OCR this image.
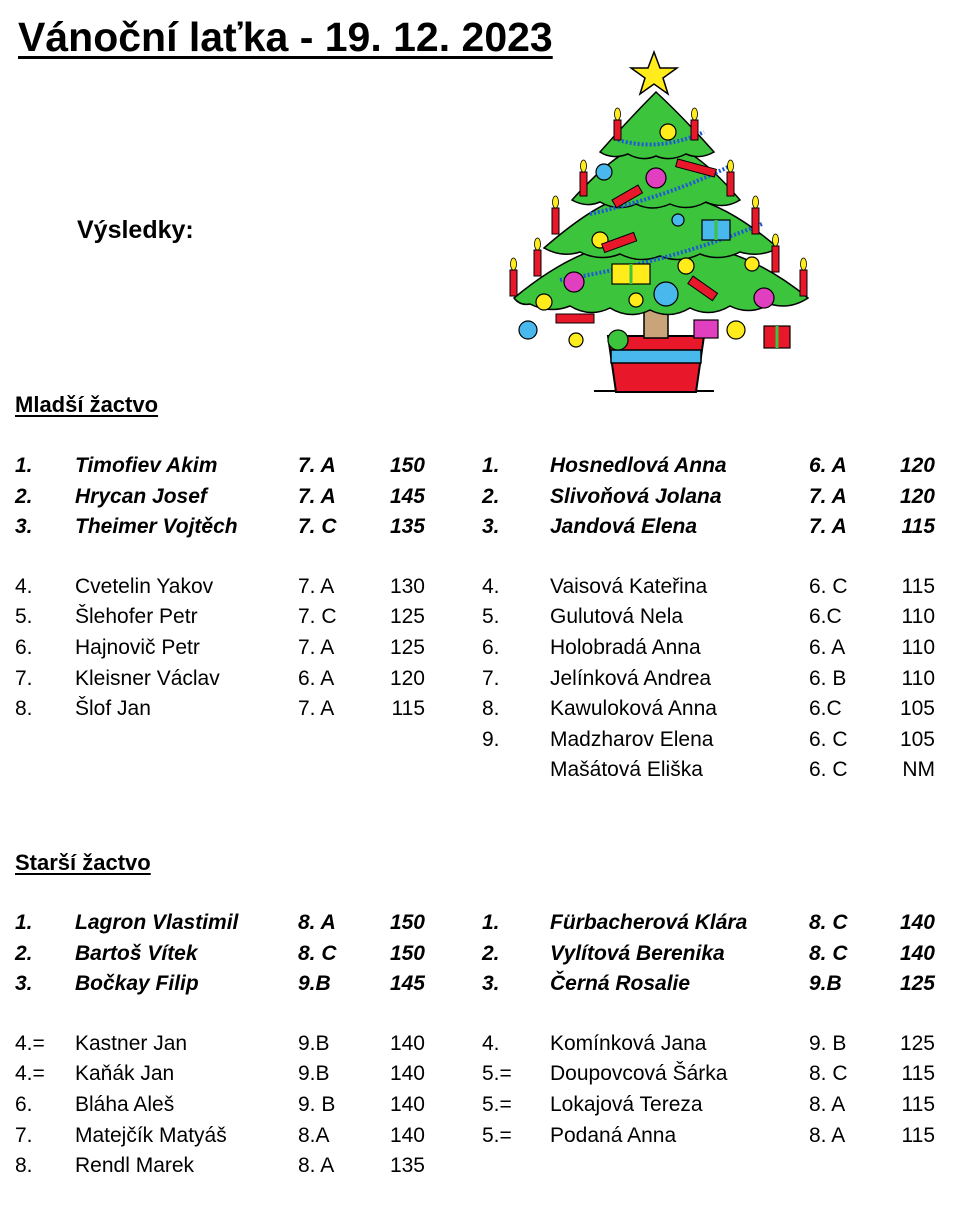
Vánoční laťka - 19. 12. 2023
Výsledky:
Mladší žactvo
Starší žactvo
1. Timofiev Akim	7. A	150
2. Hrycan Josef	7. A	145
3. Theimer Vojtěch	7. C	135
4. Cvetelin Yakov	7. A	130
5. Šlehofer Petr	7. C	125
6. Hajnovič Petr	7. A	125
7. Kleisner Václav	6. A	120
8. Šlof Jan	7. A	115
1. Hosnedlová Anna	6. A	120
2. Slivoňová Jolana	7. A	120
3. Jandová Elena	7. A	115
4. Vaisová Kateřina	6. C	115
5. Gulutová Nela	6.C	110
6. Holobradá Anna	6. A	110
7. Jelínková Andrea	6. B	110
8. Kawuloková Anna	6.C	105
9. Madzharov Elena	6. C	105
Mašátová Eliška	6. C	NM
1. Lagron Vlastimil	8. A	150
2. Bartoš Vítek	8. C	150
3. Bočkay Filip	9.B	145
4.= Kastner Jan	9.B	140
4.= Kaňák Jan	9.B	140
6. Bláha Aleš	9. B	140
7. Matejčík Matyáš	8.A	140
8. Rendl Marek	8. A	135
1. Fürbacherová Klára	8. C	140
2. Vylítová Berenika	8. C	140
3. Černá Rosalie	9.B	125
4. Komínková Jana	9. B	125
5.= Doupovcová Šárka	8. C	115
5.= Lokajová Tereza	8. A	115
5.= Podaná Anna	8. A	115
